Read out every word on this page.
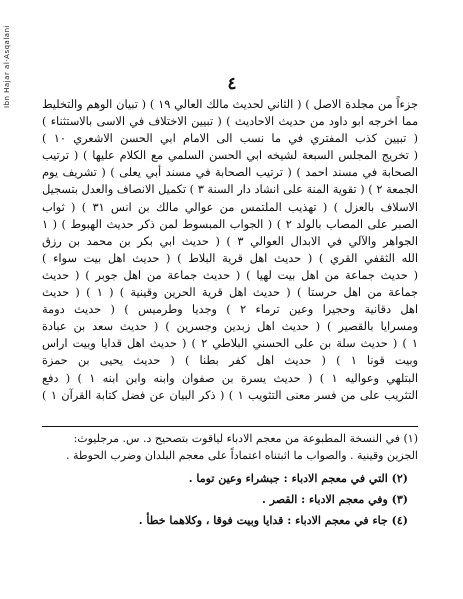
Ibn Hajar al-Asqalani	٤
جزءاً من مجلدة الاصل ) ( الثاني لحديث مالك العالي ١٩ ) ( تبيان الوهم والتخليط
مما اخرجه ابو داود من حديث الاحاديث ) ( تبيين الاختلاف في الاسى بالاستثناء )
( تبيين كذب المفتري في ما نسب الى الامام ابي الحسن الاشعري ١٠ )
( تخريج المجلس السبعة لشيخه ابي الحسن السلمي مع الكلام عليها ) ( ترتيب
الصحابة في مسند احمد ) ( ترتيب الصحابة في مسند أبي يعلى ) ( تشريف يوم
الجمعة ٢ ) ( تقوية المنة على انشاد دار السنة ٣ ) تكميل الانصاف والعدل بتسجيل
الاسلاف بالعزل ) ( تهذيب الملتمس من عوالي مالك بن انس ٣١ ) ( ثواب
الصبر على المصاب بالولد ٢ ) ( الجواب المبسوط لمن ذكر حديث الهبوط ) ( ١
الجواهر والآلي في الابدال العوالي ٣ ) ( حديث ابي بكر بن محمد بن رزق
الله الثقفي القري ) ( حديث اهل قرية البلاط ) ( حديث اهل بيت سواء )
( حديث جماعة من اهل بيت لهيا ) ( حديث جماعة من اهل جوبر ) ( حديث
جماعة من اهل حرستا ) ( حديث اهل قرية الحرين وقينية ) ( ١ ) ( حديث
اهل دقانية وحجيرا وعين ترماء ٢ ) وجديا وطرميس ) ( حديث دومة
ومسرايا بالقصير ) ( حديث اهل زبدين وجسرين ) ( حديث سعد بن عبادة
١ ) ( حديث سلة بن على الحسني البلاطي ٢ ) ( حديث اهل قدايا وبيت اراس
وبيت قونا ١ ) ( حديث اهل كفر بطنا ) ( حديث يحيى بن حمزة
البتلهي وعواليه ١ ) ( حديث يسرة بن صفوان وابنه وابن ابنه ١ ) ( دفع
التثريب على من فسر معنى التثويب ١ ) ( ذكر البيان عن فضل كتابة القرآن ١ )
(١) في النسخة المطبوعة من معجم الادباء لياقوت بتصحيح د. س. مرجليوث:
الجزين وقينية . والصواب ما اثبتناه اعتماداً على معجم البلدان وضرب الحوطة .
(٢) التي في معجم الادباء : جبشراء وعين توما .
(٣) وفي معجم الادباء : القصر .
(٤) جاء في معجم الادباء : قدايا وبيت فوقا ، وكلاهما خطأ .
